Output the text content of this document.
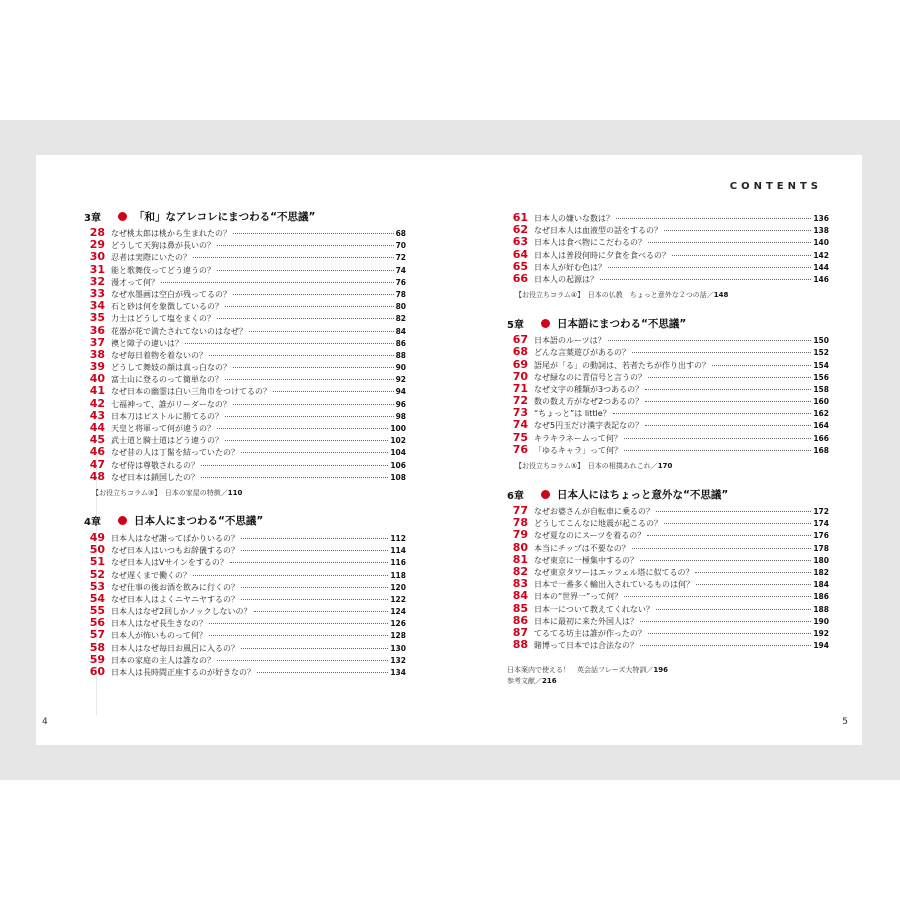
3章	「和」なアレコレにまつわる“不思議”
28 なぜ桃太郎は桃から生まれたの？	68
29 どうして天狗は鼻が長いの？	70
30 忍者は実際にいたの？	72
31 能と歌舞伎ってどう違うの？	74
32 漫才って何？	76
33 なぜ水墨画は空白が残ってるの？	78
34 石と砂は何を象徴しているの？	80
35 力士はどうして塩をまくの？	82
36 花器が花で満たされてないのはなぜ？	84
37 襖と障子の違いは？	86
38 なぜ毎日着物を着ないの？	88
39 どうして舞妓の顔は真っ白なの？	90
40 富士山に登るのって簡単なの？	92
41 なぜ日本の幽霊は白い三角巾をつけてるの？	94
42 七福神って、誰がリーダーなの？	96
43 日本刀はピストルに勝てるの？	98
44 天皇と将軍って何が違うの？	100
45 武士道と騎士道はどう違うの？	102
46 なぜ昔の人は丁髷を結っていたの？	104
47 なぜ侍は尊敬されるの？	106
48 なぜ日本は鎖国したの？	108
【お役立ちコラム③】　 日本の家屋の特徴／110
4章	日本人にまつわる“不思議”
49 日本人はなぜ謝ってばかりいるの？	112
50 なぜ日本人はいつもお辞儀するの？	114
51 なぜ日本人はVサインをするの？	116
52 なぜ遅くまで働くの？	118
53 なぜ仕事の後お酒を飲みに行くの？	120
54 なぜ日本人はよくニヤニヤするの？	122
55 日本人はなぜ2回しかノックしないの？	124
56 日本人はなぜ長生きなの？	126
57 日本人が怖いものって何？	128
58 日本人はなぜ毎日お風呂に入るの？	130
59 日本の家庭の主人は誰なの？	132
60 日本人は長時間正座するのが好きなの？	134
4
CONTENTS
61 日本人の嫌いな数は？	136
62 なぜ日本人は血液型の話をするの？	138
63 日本人は食べ物にこだわるの？	140
64 日本人は普段何時に夕食を食べるの？	142
65 日本人が好む色は？	144
66 日本人の起源は？	146
【お役立ちコラム④】　 日本の仏教　ちょっと意外な２つの話／148
5章	日本語にまつわる“不思議”
67 日本語のルーツは？	150
68 どんな言葉遊びがあるの？	152
69 語尾が「る」の動詞は、若者たちが作り出すの？	154
70 なぜ緑なのに青信号と言うの？	156
71 なぜ文字の種類が3つあるの？	158
72 数の数え方がなぜ2つあるの？	160
73 “ちょっと”は little？	162
74 なぜ5円玉だけ漢字表記なの？	164
75 キラキラネームって何？	166
76 「ゆるキャラ」って何？	168
【お役立ちコラム⑤】　 日本の相撲あれこれ／170
6章	日本人にはちょっと意外な“不思議”
77 なぜお婆さんが自転車に乗るの？	172
78 どうしてこんなに地震が起こるの？	174
79 なぜ夏なのにスーツを着るの？	176
80 本当にチップは不要なの？	178
81 なぜ東京に一極集中するの？	180
82 なぜ東京タワーはエッフェル塔に似てるの？	182
83 日本で一番多く輸出入されているものは何？	184
84 日本の“世界一”って何？	186
85 日本一について教えてくれない？	188
86 日本に最初に来た外国人は？	190
87 てるてる坊主は誰が作ったの？	192
88 賭博って日本では合法なの？	194
日本案内で使える！　英会話フレーズ大特訓／196
参考文献／216
5
